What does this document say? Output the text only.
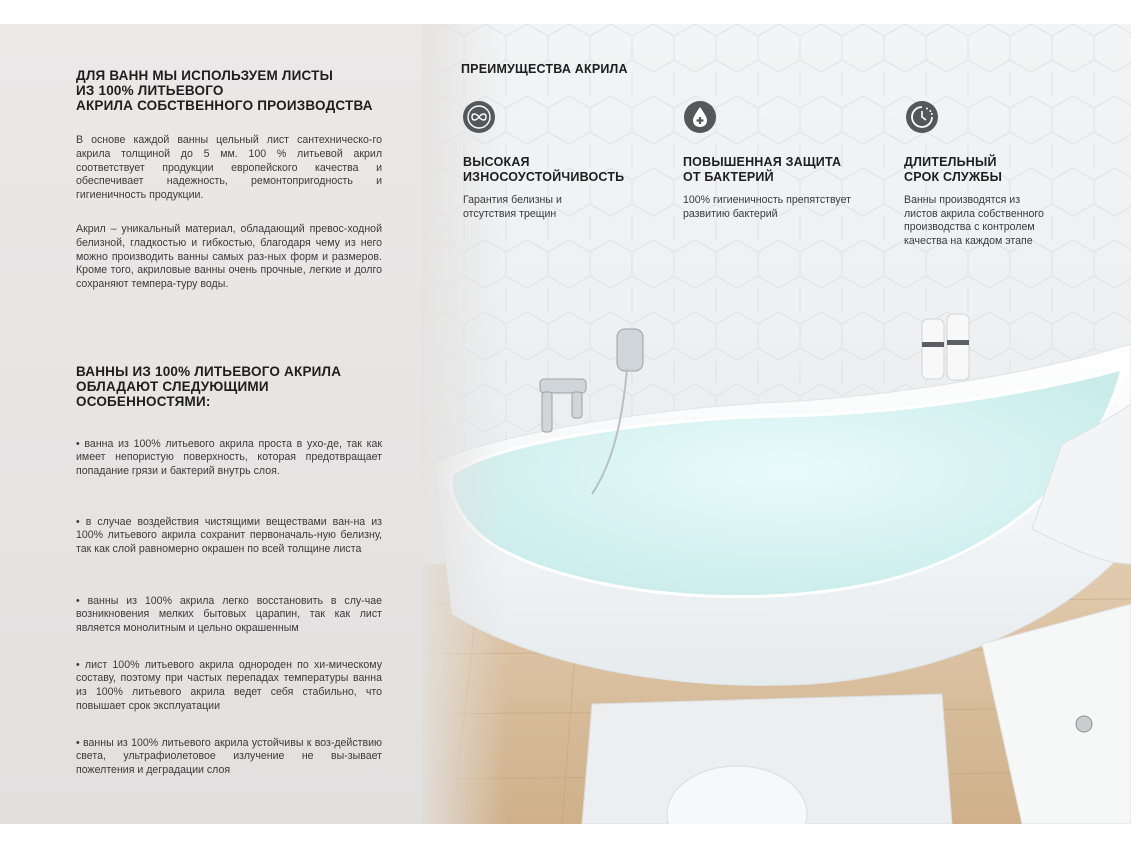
ДЛЯ ВАНН МЫ ИСПОЛЬЗУЕМ ЛИСТЫ
ИЗ 100% ЛИТЬЕВОГО
АКРИЛА СОБСТВЕННОГО ПРОИЗВОДСТВА

В основе каждой ванны цельный лист сантехническо-го акрила толщиной до 5 мм. 100 % литьевой акрил соответствует продукции европейского качества и обеспечивает надежность, ремонтопригодность и гигиеничность продукции.

Акрил – уникальный материал, обладающий превос-ходной белизной, гладкостью и гибкостью, благодаря чему из него можно производить ванны самых раз-ных форм и размеров. Кроме того, акриловые ванны очень прочные, легкие и долго сохраняют темпера-туру воды.

ВАННЫ ИЗ 100% ЛИТЬЕВОГО АКРИЛА
ОБЛАДАЮТ СЛЕДУЮЩИМИ
ОСОБЕННОСТЯМИ:

• ванна из 100% литьевого акрила проста в ухо-де, так как имеет непористую поверхность, которая предотвращает попадание грязи и бактерий внутрь слоя.

• в случае воздействия чистящими веществами ван-на из 100% литьевого акрила сохранит первоначаль-ную белизну, так как слой равномерно окрашен по всей толщине листа

• ванны из 100% акрила легко восстановить в слу-чае возникновения мелких бытовых царапин, так как лист является монолитным и цельно окрашенным

• лист 100% литьевого акрила однороден по хи-мическому составу, поэтому при частых перепадах температуры ванна из 100% литьевого акрила ведет себя стабильно, что повышает срок эксплуатации

• ванны из 100% литьевого акрила устойчивы к воз-действию света, ультрафиолетовое излучение не вы-зывает пожелтения и деградации слоя

ПРЕИМУЩЕСТВА АКРИЛА
ВЫСОКАЯ
ИЗНОСОУСТОЙЧИВОСТЬ
Гарантия белизны и
отсутствия трещин
ПОВЫШЕННАЯ ЗАЩИТА
ОТ БАКТЕРИЙ
100% гигиеничность препятствует
развитию бактерий
ДЛИТЕЛЬНЫЙ
СРОК СЛУЖБЫ
Ванны производятся из
листов акрила собственного
производства с контролем
качества на каждом этапе
